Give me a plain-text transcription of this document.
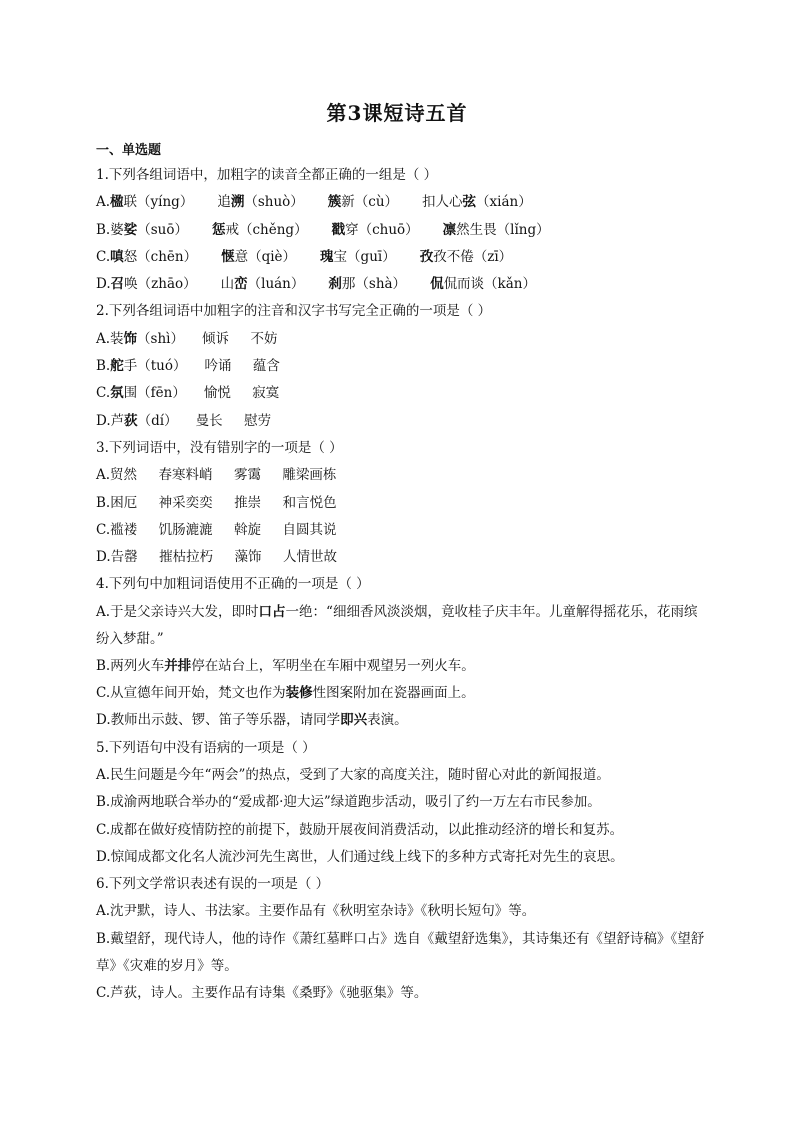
第3课短诗五首
一、单选题
1.下列各组词语中，加粗字的读音全都正确的一组是（ ）
A.楹联（yíng） 追溯（shuò） 簇新（cù） 扣人心弦（xián）
B.婆娑（suō） 惩戒（chěng） 戳穿（chuō） 凛然生畏（lǐng）
C.嗔怒（chēn） 惬意（qiè） 瑰宝（guī） 孜孜不倦（zī）
D.召唤（zhāo） 山峦（luán） 刹那（shà） 侃侃而谈（kǎn）
2.下列各组词语中加粗字的注音和汉字书写完全正确的一项是（ ）
A.装饰（shì） 倾诉     不妨
B.舵手（tuó） 吟诵     蕴含
C.氛围（fēn） 愉悦     寂寞
D.芦荻（dí） 曼长     慰劳
3.下列词语中，没有错别字的一项是（ ）
A.贸然     春寒料峭     雾霭     雕梁画栋
B.困厄     神采奕奕     推崇     和言悦色
C.褴褛     饥肠漉漉     斡旋     自圆其说
D.告罄     摧枯拉朽     藻饰     人情世故
4.下列句中加粗词语使用不正确的一项是（ ）
A.于是父亲诗兴大发，即时口占一绝：“细细香风淡淡烟，竟收桂子庆丰年。儿童解得摇花乐，花雨缤纷入梦甜。”
B.两列火车并排停在站台上，军明坐在车厢中观望另一列火车。
C.从宣德年间开始，梵文也作为装修性图案附加在瓷器画面上。
D.教师出示鼓、锣、笛子等乐器，请同学即兴表演。
5.下列语句中没有语病的一项是（ ）
A.民生问题是今年“两会”的热点，受到了大家的高度关注，随时留心对此的新闻报道。
B.成渝两地联合举办的“爱成都·迎大运”绿道跑步活动，吸引了约一万左右市民参加。
C.成都在做好疫情防控的前提下，鼓励开展夜间消费活动，以此推动经济的增长和复苏。
D.惊闻成都文化名人流沙河先生离世，人们通过线上线下的多种方式寄托对先生的哀思。
6.下列文学常识表述有误的一项是（ ）
A.沈尹默，诗人、书法家。主要作品有《秋明室杂诗》《秋明长短句》等。
B.戴望舒，现代诗人，他的诗作《萧红墓畔口占》选自《戴望舒选集》，其诗集还有《望舒诗稿》《望舒草》《灾难的岁月》等。
C.芦荻，诗人。主要作品有诗集《桑野》《驰驱集》等。
